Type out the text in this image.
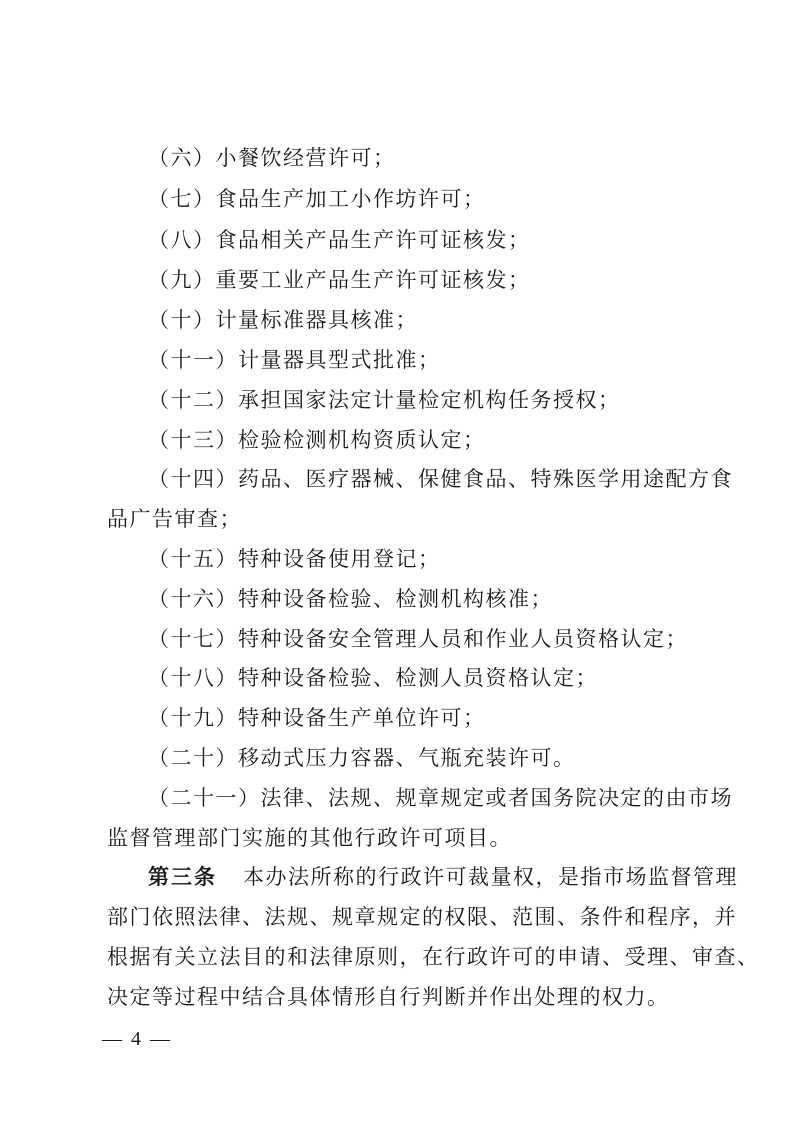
（六）小餐饮经营许可；
（七）食品生产加工小作坊许可；
（八）食品相关产品生产许可证核发；
（九）重要工业产品生产许可证核发；
（十）计量标准器具核准；
（十一）计量器具型式批准；
（十二）承担国家法定计量检定机构任务授权；
（十三）检验检测机构资质认定；
（十四）药品、医疗器械、保健食品、特殊医学用途配方食
品广告审查；
（十五）特种设备使用登记；
（十六）特种设备检验、检测机构核准；
（十七）特种设备安全管理人员和作业人员资格认定；
（十八）特种设备检验、检测人员资格认定；
（十九）特种设备生产单位许可；
（二十）移动式压力容器、气瓶充装许可。
（二十一）法律、法规、规章规定或者国务院决定的由市场
监督管理部门实施的其他行政许可项目。
第三条 本办法所称的行政许可裁量权，是指市场监督管理
部门依照法律、法规、规章规定的权限、范围、条件和程序，并
根据有关立法目的和法律原则，在行政许可的申请、受理、审查、
决定等过程中结合具体情形自行判断并作出处理的权力。
— 4 —
